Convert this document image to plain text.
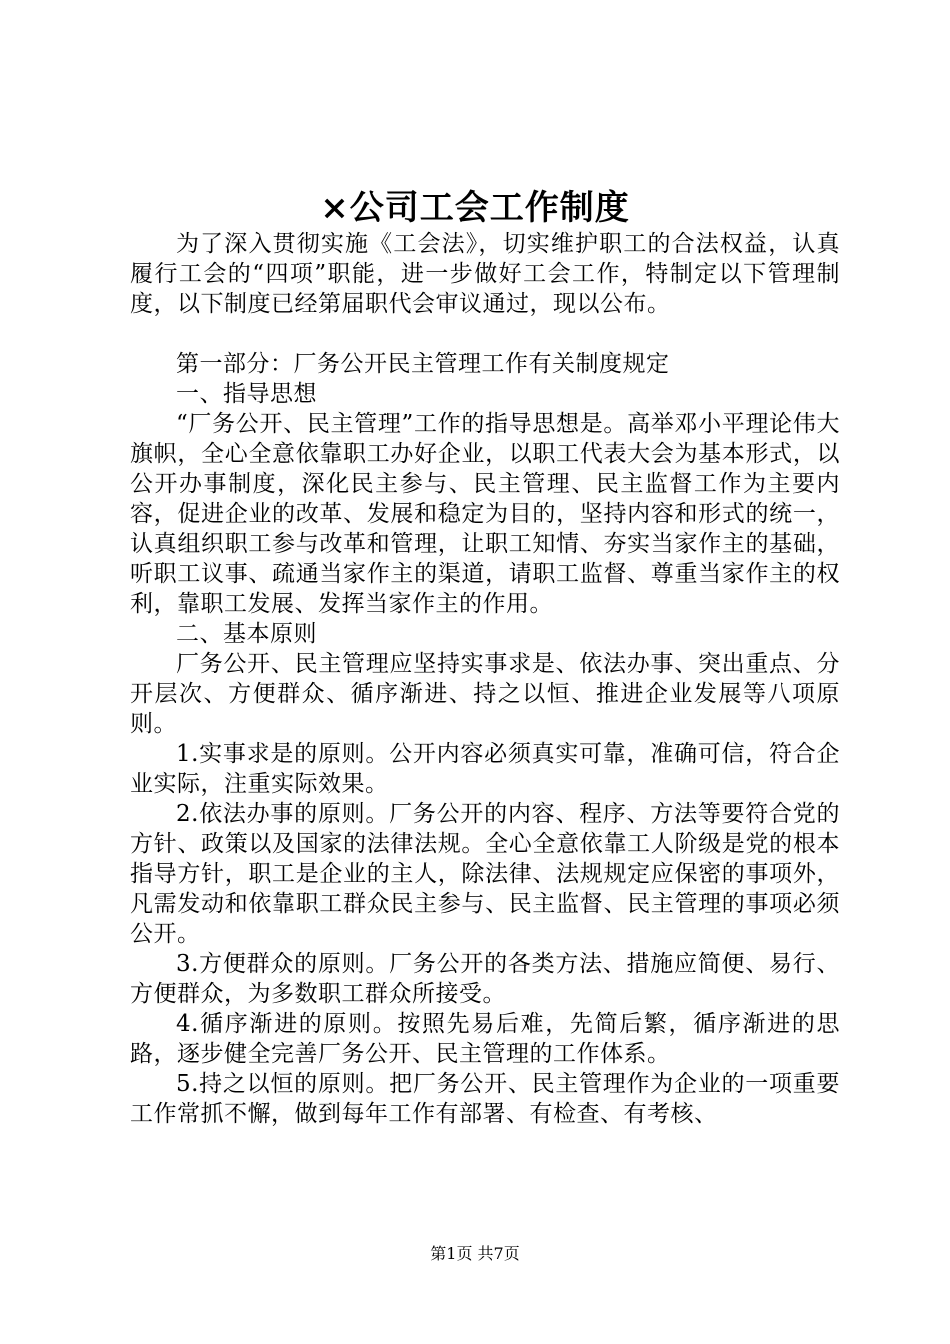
×公司工会工作制度

为了深入贯彻实施《工会法》，切实维护职工的合法权益，认真履行工会的“四项”职能，进一步做好工会工作，特制定以下管理制度，以下制度已经第届职代会审议通过，现以公布。

第一部分：厂务公开民主管理工作有关制度规定

一、指导思想

“厂务公开、民主管理”工作的指导思想是。高举邓小平理论伟大旗帜，全心全意依靠职工办好企业，以职工代表大会为基本形式，以公开办事制度，深化民主参与、民主管理、民主监督工作为主要内容，促进企业的改革、发展和稳定为目的，坚持内容和形式的统一，认真组织职工参与改革和管理，让职工知情、夯实当家作主的基础，听职工议事、疏通当家作主的渠道，请职工监督、尊重当家作主的权利，靠职工发展、发挥当家作主的作用。

二、基本原则

厂务公开、民主管理应坚持实事求是、依法办事、突出重点、分开层次、方便群众、循序渐进、持之以恒、推进企业发展等八项原则。

1.实事求是的原则。公开内容必须真实可靠，准确可信，符合企业实际，注重实际效果。

2.依法办事的原则。厂务公开的内容、程序、方法等要符合党的方针、政策以及国家的法律法规。全心全意依靠工人阶级是党的根本指导方针，职工是企业的主人，除法律、法规规定应保密的事项外，凡需发动和依靠职工群众民主参与、民主监督、民主管理的事项必须公开。

3.方便群众的原则。厂务公开的各类方法、措施应简便、易行、方便群众，为多数职工群众所接受。

4.循序渐进的原则。按照先易后难，先简后繁，循序渐进的思路，逐步健全完善厂务公开、民主管理的工作体系。

5.持之以恒的原则。把厂务公开、民主管理作为企业的一项重要工作常抓不懈，做到每年工作有部署、有检查、有考核、

第1页 共7页
